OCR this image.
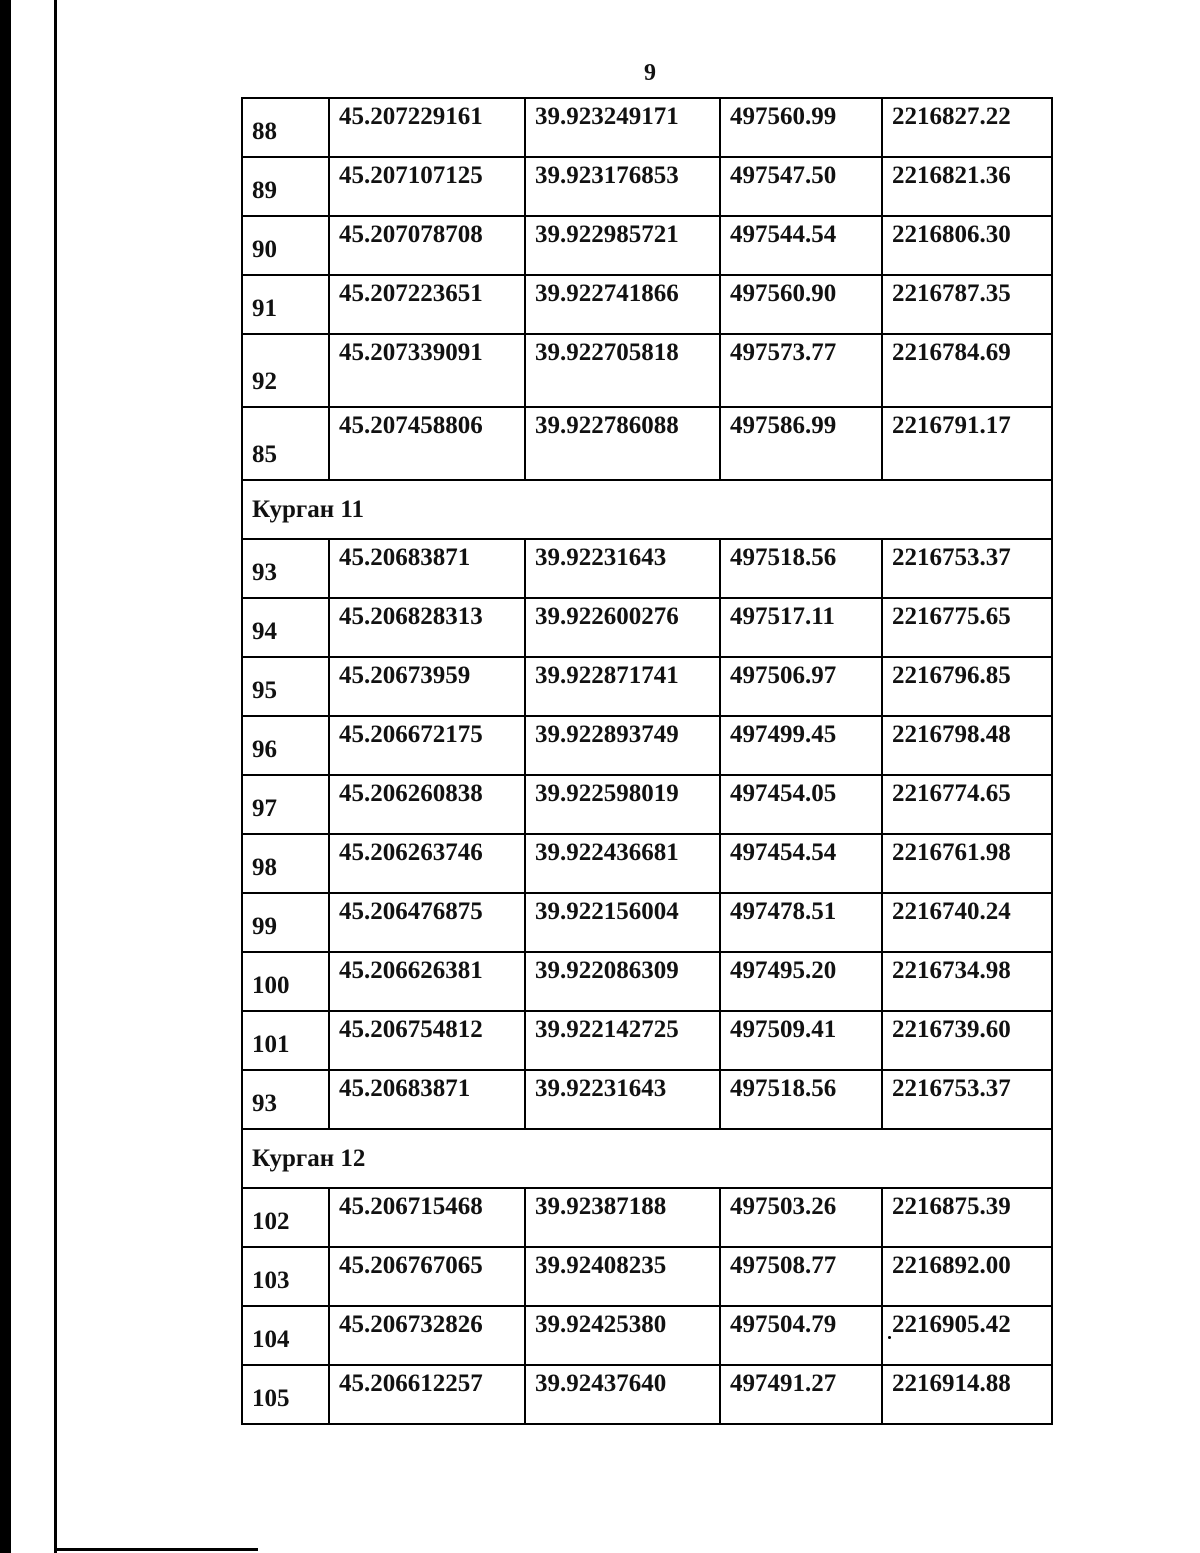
9
88	45.207229161	39.923249171	497560.99	2216827.22
89	45.207107125	39.923176853	497547.50	2216821.36
90	45.207078708	39.922985721	497544.54	2216806.30
91	45.207223651	39.922741866	497560.90	2216787.35
92	45.207339091	39.922705818	497573.77	2216784.69
85	45.207458806	39.922786088	497586.99	2216791.17
Курган 11				
93	45.20683871	39.92231643	497518.56	2216753.37
94	45.206828313	39.922600276	497517.11	2216775.65
95	45.20673959	39.922871741	497506.97	2216796.85
96	45.206672175	39.922893749	497499.45	2216798.48
97	45.206260838	39.922598019	497454.05	2216774.65
98	45.206263746	39.922436681	497454.54	2216761.98
99	45.206476875	39.922156004	497478.51	2216740.24
100	45.206626381	39.922086309	497495.20	2216734.98
101	45.206754812	39.922142725	497509.41	2216739.60
93	45.20683871	39.92231643	497518.56	2216753.37
Курган 12				
102	45.206715468	39.92387188	497503.26	2216875.39
103	45.206767065	39.92408235	497508.77	2216892.00
104	45.206732826	39.92425380	497504.79	2216905.42
105	45.206612257	39.92437640	497491.27	2216914.88
